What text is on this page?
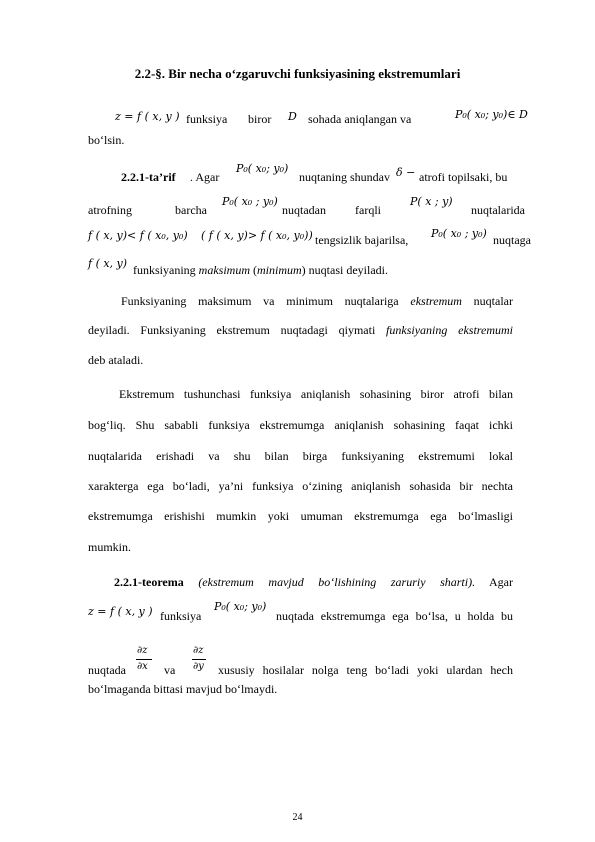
2.2-§. Bir necha o‘zgaruvchi funksiyasining ekstremumlari
z = f ( x, y ) funksiya biror D sohada aniqlangan va	P₀( x₀; y₀)∈ D
bo‘lsin.
2.2.1-ta’rif . Agar
P₀( x₀; y₀)
nuqtaning shundav δ − atrofi topilsaki, bu
atrofning	barcha
P₀( x₀ ; y₀)
nuqtadan farqli
P( x ; y)
nuqtalarida
f ( x, y)< f ( x₀, y₀) ( f ( x, y)> f ( x₀, y₀)) tengsizlik bajarilsa, P₀( x₀ ; y₀) nuqtaga
f ( x, y) funksiyaning maksimum (minimum) nuqtasi deyiladi.
Funksiyaning maksimum va minimum nuqtalariga ekstremum nuqtalar
deyiladi. Funksiyaning ekstremum nuqtadagi qiymati funksiyaning ekstremumi
deb ataladi.
Ekstremum tushunchasi funksiya aniqlanish sohasining biror atrofi bilan
bog‘liq. Shu sababli funksiya ekstremumga aniqlanish sohasining faqat ichki
nuqtalarida erishadi va shu bilan birga funksiyaning ekstremumi lokal
xarakterga ega bo‘ladi, ya’ni funksiya o‘zining aniqlanish sohasida bir nechta
ekstremumga erishishi mumkin yoki umuman ekstremumga ega bo‘lmasligi
mumkin.
2.2.1-teorema (ekstremum mavjud bo‘lishining zaruriy sharti). Agar
z = f ( x, y ) funksiya
P₀( x₀; y₀)
nuqtada ekstremumga ega bo‘lsa, u holda bu
nuqtada
∂z
∂x va
∂z
∂y xususiy hosilalar nolga teng bo‘ladi yoki ulardan hech
bo‘lmaganda bittasi mavjud bo‘lmaydi.
24
